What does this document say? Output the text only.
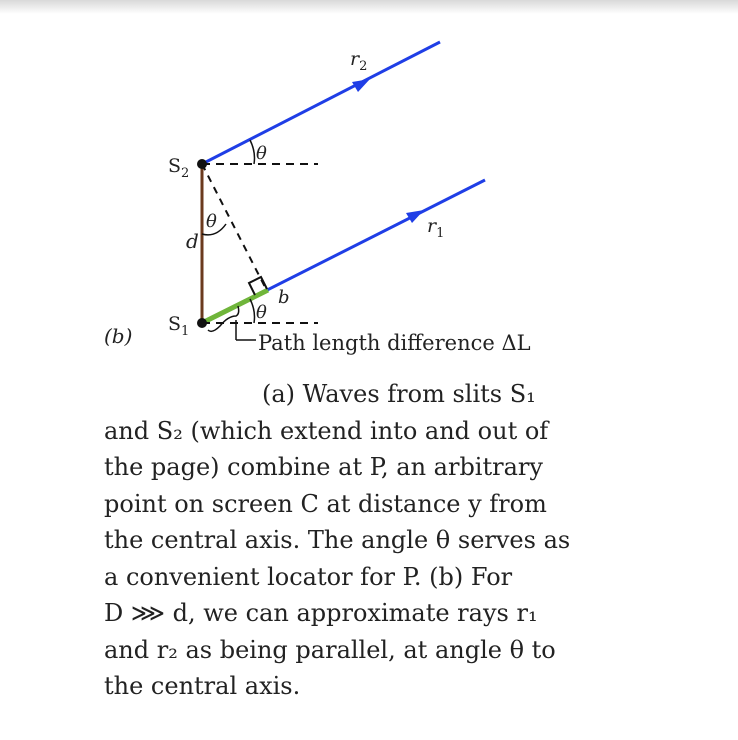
$r_2$
$r_1$
$S_2$
$S_1$
d
θ
θ
θ
b
(b)	Path length difference ΔL
(a) Waves from slits S₁
and S₂ (which extend into and out of
the page) combine at P, an arbitrary
point on screen C at distance y from
the central axis. The angle θ serves as
a convenient locator for P. (b) For
D ⋙ d, we can approximate rays r₁
and r₂ as being parallel, at angle θ to
the central axis.
